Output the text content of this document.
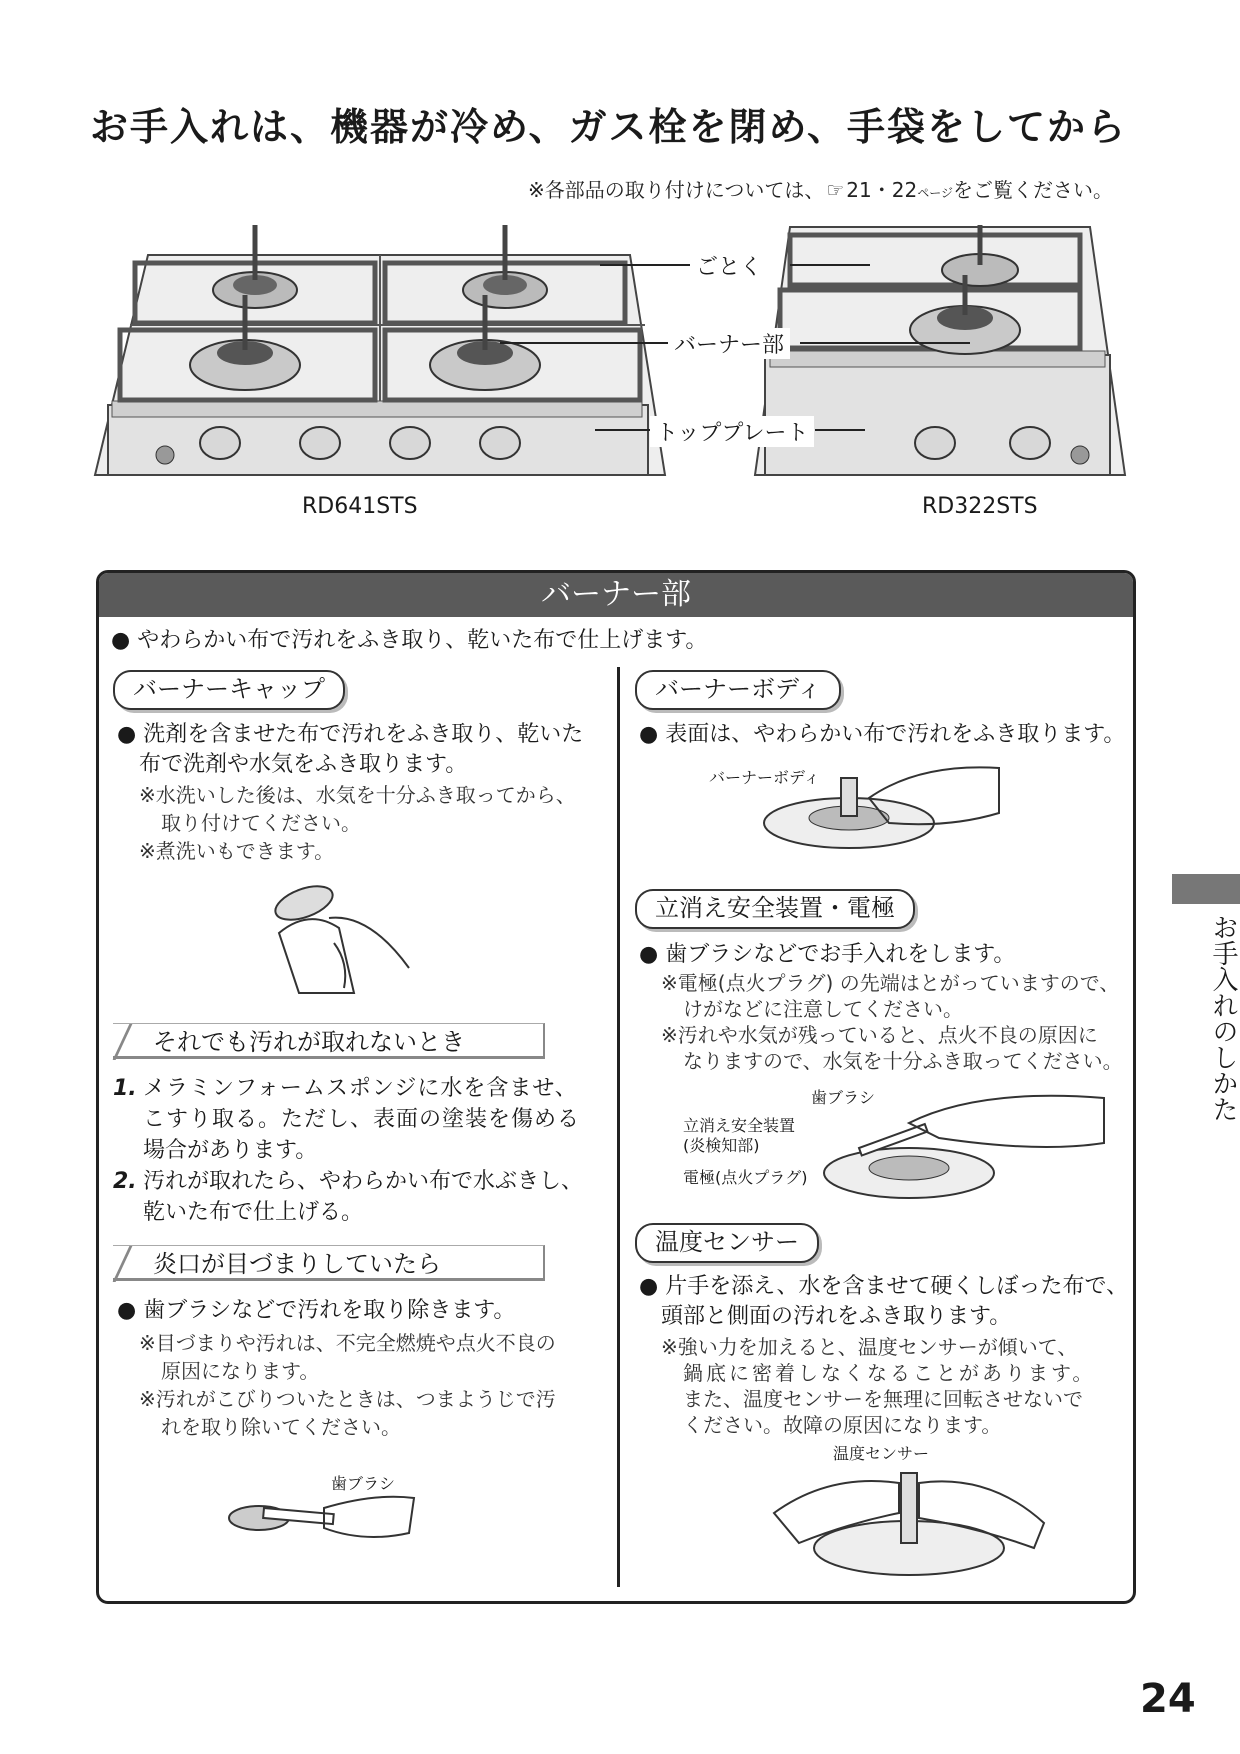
お手入れは、機器が冷め、ガス栓を閉め、手袋をしてから
※各部品の取り付けについては、 ☞ 21・22ページをご覧ください。
ごとく
バーナー部
トッププレート
RD641STS	RD322STS
バーナー部
● やわらかい布で汚れをふき取り、乾いた布で仕上げます。
バーナーキャップ
● 洗剤を含ませた布で汚れをふき取り、乾いた
布で洗剤や水気をふき取ります。
※水洗いした後は、水気を十分ふき取ってから、
取り付けてください。
※煮洗いもできます。
それでも汚れが取れないとき
1. メラミンフォームスポンジに水を含ませ、
こすり取る。ただし、表面の塗装を傷める
場合があります。
2. 汚れが取れたら、やわらかい布で水ぶきし、
乾いた布で仕上げる。
炎口が目づまりしていたら
● 歯ブラシなどで汚れを取り除きます。
※目づまりや汚れは、不完全燃焼や点火不良の
原因になります。
※汚れがこびりついたときは、つまようじで汚
れを取り除いてください。
歯ブラシ
バーナーボディ
● 表面は、やわらかい布で汚れをふき取ります。
バーナーボディ
立消え安全装置・電極
● 歯ブラシなどでお手入れをします。
※電極(点火プラグ) の先端はとがっていますので、
けがなどに注意してください。
※汚れや水気が残っていると、点火不良の原因に
なりますので、水気を十分ふき取ってください。
歯ブラシ
立消え安全装置
(炎検知部)
電極(点火プラグ)
温度センサー
● 片手を添え、水を含ませて硬くしぼった布で、
頭部と側面の汚れをふき取ります。
※強い力を加えると、温度センサーが傾いて、
鍋底に密着しなくなることがあります。
また、温度センサーを無理に回転させないで
ください。故障の原因になります。
温度センサー
お手入れのしかた
24
